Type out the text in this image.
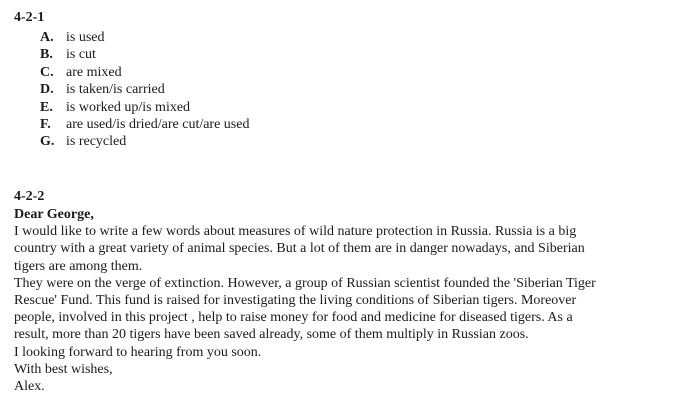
4-2-1
A. is used
B. is cut
C. are mixed
D. is taken/is carried
E. is worked up/is mixed
F. are used/is dried/are cut/are used
G. is recycled
4-2-2
Dear George,
I would like to write a few words about measures of wild nature protection in Russia. Russia is a big
country with a great variety of animal species. But a lot of them are in danger nowadays, and Siberian
tigers are among them.
They were on the verge of extinction. However, a group of Russian scientist founded the 'Siberian Tiger
Rescue' Fund. This fund is raised for investigating the living conditions of Siberian tigers. Moreover
people, involved in this project , help to raise money for food and medicine for diseased tigers. As a
result, more than 20 tigers have been saved already, some of them multiply in Russian zoos.
I looking forward to hearing from you soon.
With best wishes,
Alex.
